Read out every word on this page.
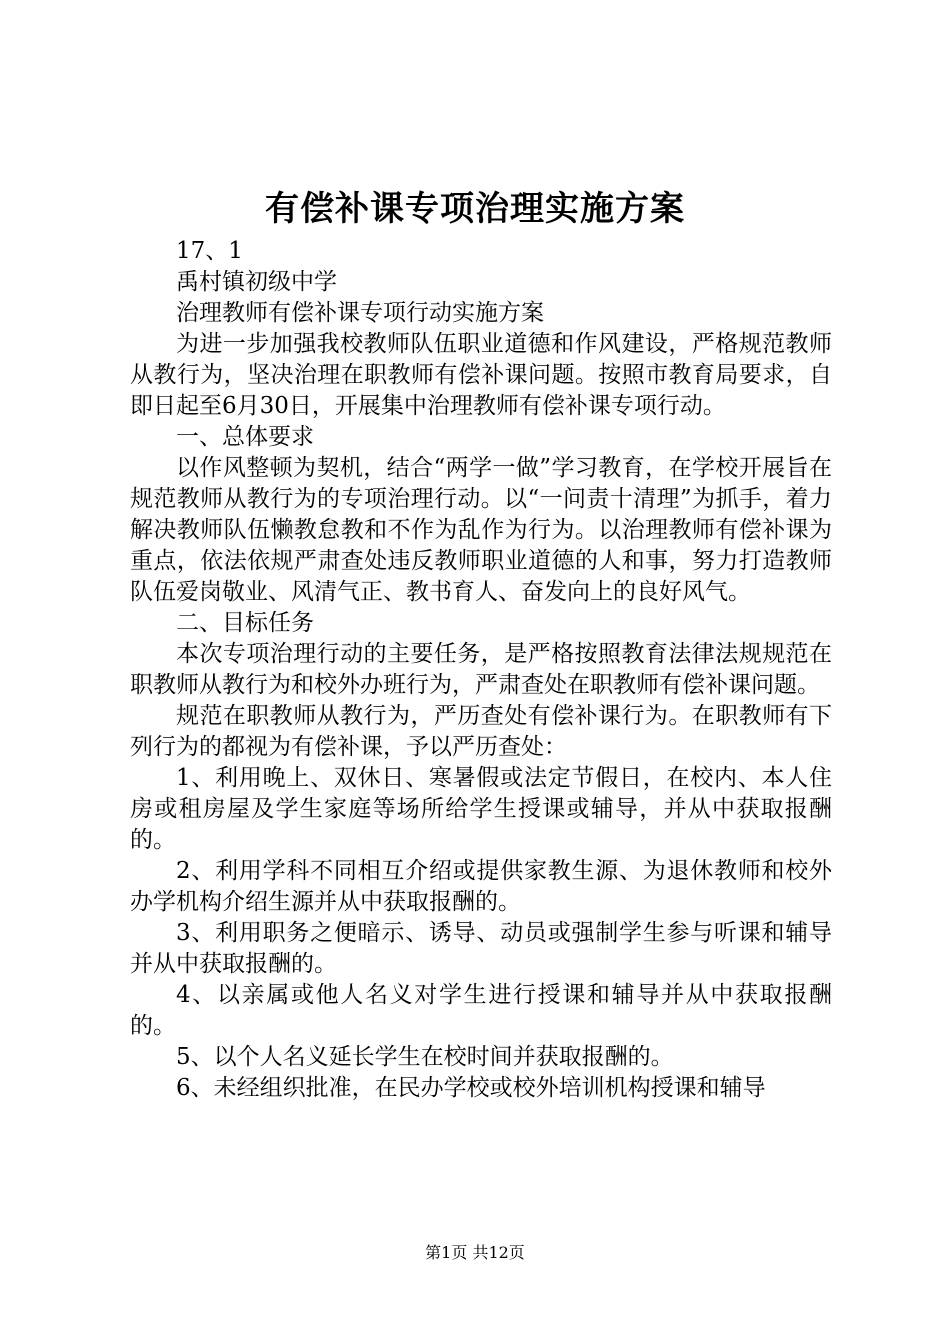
有偿补课专项治理实施方案

17、1

禹村镇初级中学

治理教师有偿补课专项行动实施方案

为进一步加强我校教师队伍职业道德和作风建设，严格规范教师从教行为，坚决治理在职教师有偿补课问题。按照市教育局要求，自即日起至6月30日，开展集中治理教师有偿补课专项行动。

一、总体要求

以作风整顿为契机，结合“两学一做”学习教育，在学校开展旨在规范教师从教行为的专项治理行动。以“一问责十清理”为抓手，着力解决教师队伍懒教怠教和不作为乱作为行为。以治理教师有偿补课为重点，依法依规严肃查处违反教师职业道德的人和事，努力打造教师队伍爱岗敬业、风清气正、教书育人、奋发向上的良好风气。

二、目标任务

本次专项治理行动的主要任务，是严格按照教育法律法规规范在职教师从教行为和校外办班行为，严肃查处在职教师有偿补课问题。

规范在职教师从教行为，严历查处有偿补课行为。在职教师有下列行为的都视为有偿补课，予以严历查处：

1、利用晚上、双休日、寒暑假或法定节假日，在校内、本人住房或租房屋及学生家庭等场所给学生授课或辅导，并从中获取报酬的。

2、利用学科不同相互介绍或提供家教生源、为退休教师和校外办学机构介绍生源并从中获取报酬的。

3、利用职务之便暗示、诱导、动员或强制学生参与听课和辅导并从中获取报酬的。

4、以亲属或他人名义对学生进行授课和辅导并从中获取报酬的。

5、以个人名义延长学生在校时间并获取报酬的。

6、未经组织批准，在民办学校或校外培训机构授课和辅导

第1页 共12页
